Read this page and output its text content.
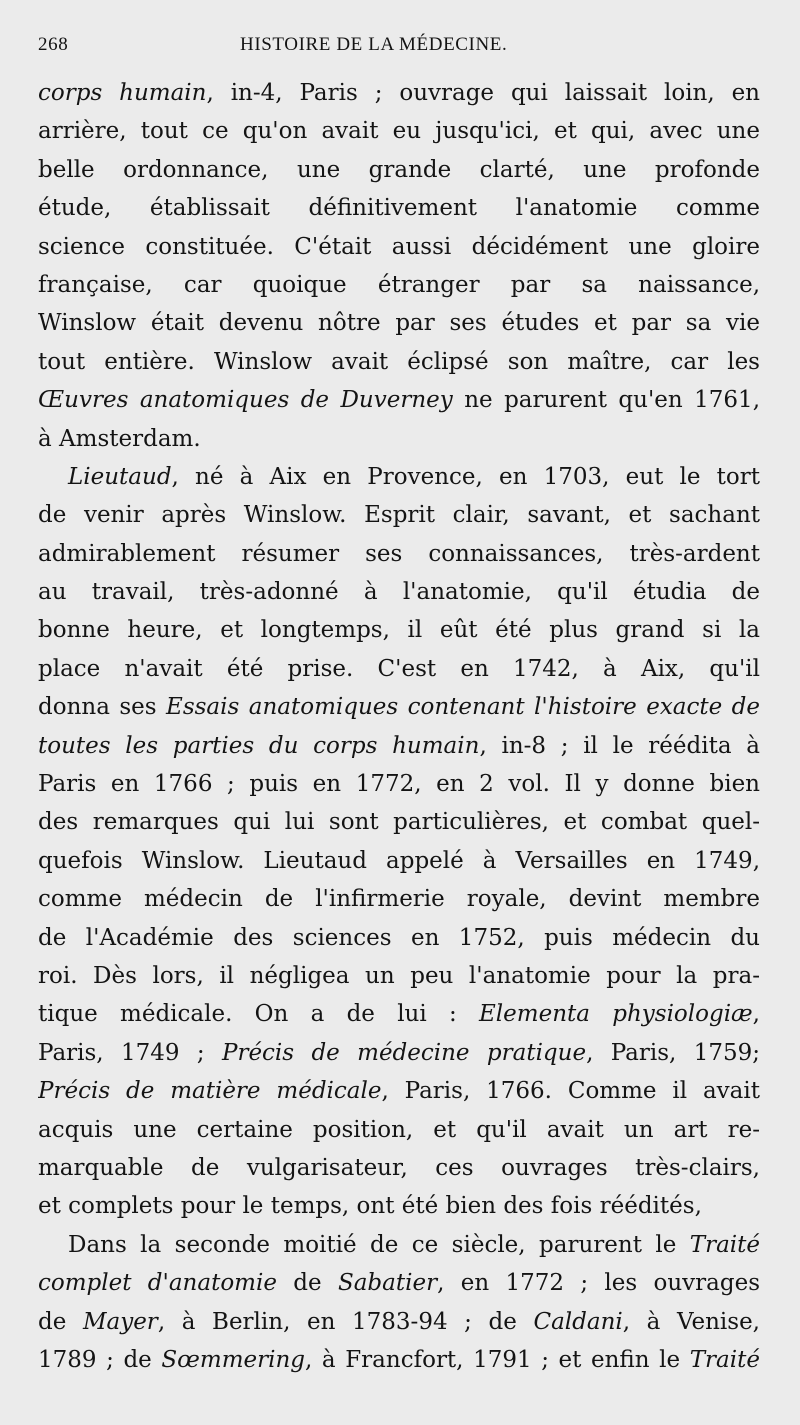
268	HISTOIRE DE LA MÉDECINE.
corps humain, in-4, Paris ; ouvrage qui laissait loin, en
arrière, tout ce qu'on avait eu jusqu'ici, et qui, avec une
belle ordonnance, une grande clarté, une profonde
étude, établissait définitivement l'anatomie comme
science constituée. C'était aussi décidément une gloire
française, car quoique étranger par sa naissance,
Winslow était devenu nôtre par ses études et par sa vie
tout entière. Winslow avait éclipsé son maître, car les
Œuvres anatomiques de Duverney ne parurent qu'en 1761,
à Amsterdam.
Lieutaud, né à Aix en Provence, en 1703, eut le tort
de venir après Winslow. Esprit clair, savant, et sachant
admirablement résumer ses connaissances, très-ardent
au travail, très-adonné à l'anatomie, qu'il étudia de
bonne heure, et longtemps, il eût été plus grand si la
place n'avait été prise. C'est en 1742, à Aix, qu'il
donna ses Essais anatomiques contenant l'histoire exacte de
toutes les parties du corps humain, in-8 ; il le réédita à
Paris en 1766 ; puis en 1772, en 2 vol. Il y donne bien
des remarques qui lui sont particulières, et combat quel-
quefois Winslow. Lieutaud appelé à Versailles en 1749,
comme médecin de l'infirmerie royale, devint membre
de l'Académie des sciences en 1752, puis médecin du
roi. Dès lors, il négligea un peu l'anatomie pour la pra-
tique médicale. On a de lui : Elementa physiologiæ,
Paris, 1749 ; Précis de médecine pratique, Paris, 1759;
Précis de matière médicale, Paris, 1766. Comme il avait
acquis une certaine position, et qu'il avait un art re-
marquable de vulgarisateur, ces ouvrages très-clairs,
et complets pour le temps, ont été bien des fois réédités,
Dans la seconde moitié de ce siècle, parurent le Traité
complet d'anatomie de Sabatier, en 1772 ; les ouvrages
de Mayer, à Berlin, en 1783-94 ; de Caldani, à Venise,
1789 ; de Sœmmering, à Francfort, 1791 ; et enfin le Traité
